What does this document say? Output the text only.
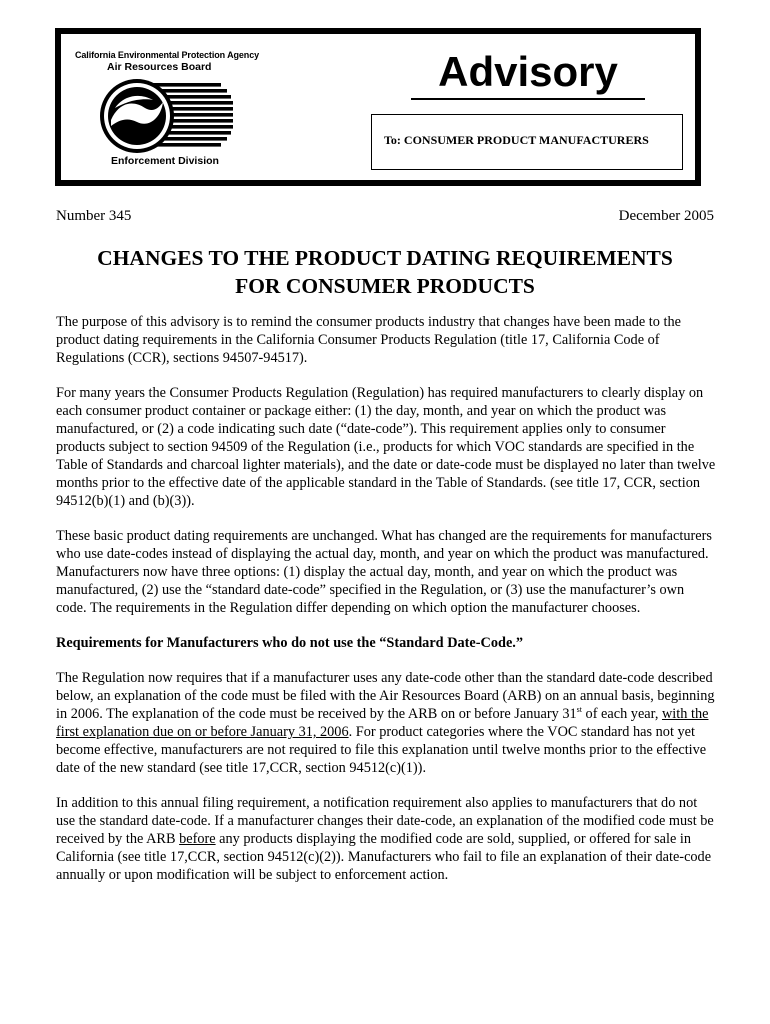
California Environmental Protection Agency
Air Resources Board
Enforcement Division
Advisory
To: CONSUMER PRODUCT MANUFACTURERS
Number 345	December 2005
CHANGES TO THE PRODUCT DATING REQUIREMENTS
FOR CONSUMER PRODUCTS

The purpose of this advisory is to remind the consumer products industry that changes have been made to the product dating requirements in the California Consumer Products Regulation (title 17, California Code of Regulations (CCR), sections 94507-94517).

For many years the Consumer Products Regulation (Regulation) has required manufacturers to clearly display on each consumer product container or package either: (1) the day, month, and year on which the product was manufactured, or (2) a code indicating such date (“date-code”). This requirement applies only to consumer products subject to section 94509 of the Regulation (i.e., products for which VOC standards are specified in the Table of Standards and charcoal lighter materials), and the date or date-code must be displayed no later than twelve months prior to the effective date of the applicable standard in the Table of Standards. (see title 17, CCR, section 94512(b)(1) and (b)(3)).

These basic product dating requirements are unchanged. What has changed are the requirements for manufacturers who use date-codes instead of displaying the actual day, month, and year on which the product was manufactured. Manufacturers now have three options: (1) display the actual day, month, and year on which the product was manufactured, (2) use the “standard date-code” specified in the Regulation, or (3) use the manufacturer’s own code. The requirements in the Regulation differ depending on which option the manufacturer chooses.

Requirements for Manufacturers who do not use the “Standard Date-Code.”

The Regulation now requires that if a manufacturer uses any date-code other than the standard date-code described below, an explanation of the code must be filed with the Air Resources Board (ARB) on an annual basis, beginning in 2006. The explanation of the code must be received by the ARB on or before January 31st of each year, with the first explanation due on or before January 31, 2006. For product categories where the VOC standard has not yet become effective, manufacturers are not required to file this explanation until twelve months prior to the effective date of the new standard (see title 17,CCR, section 94512(c)(1)).

In addition to this annual filing requirement, a notification requirement also applies to manufacturers that do not use the standard date-code. If a manufacturer changes their date-code, an explanation of the modified code must be received by the ARB before any products displaying the modified code are sold, supplied, or offered for sale in California (see title 17,CCR, section 94512(c)(2)). Manufacturers who fail to file an explanation of their date-code annually or upon modification will be subject to enforcement action.
